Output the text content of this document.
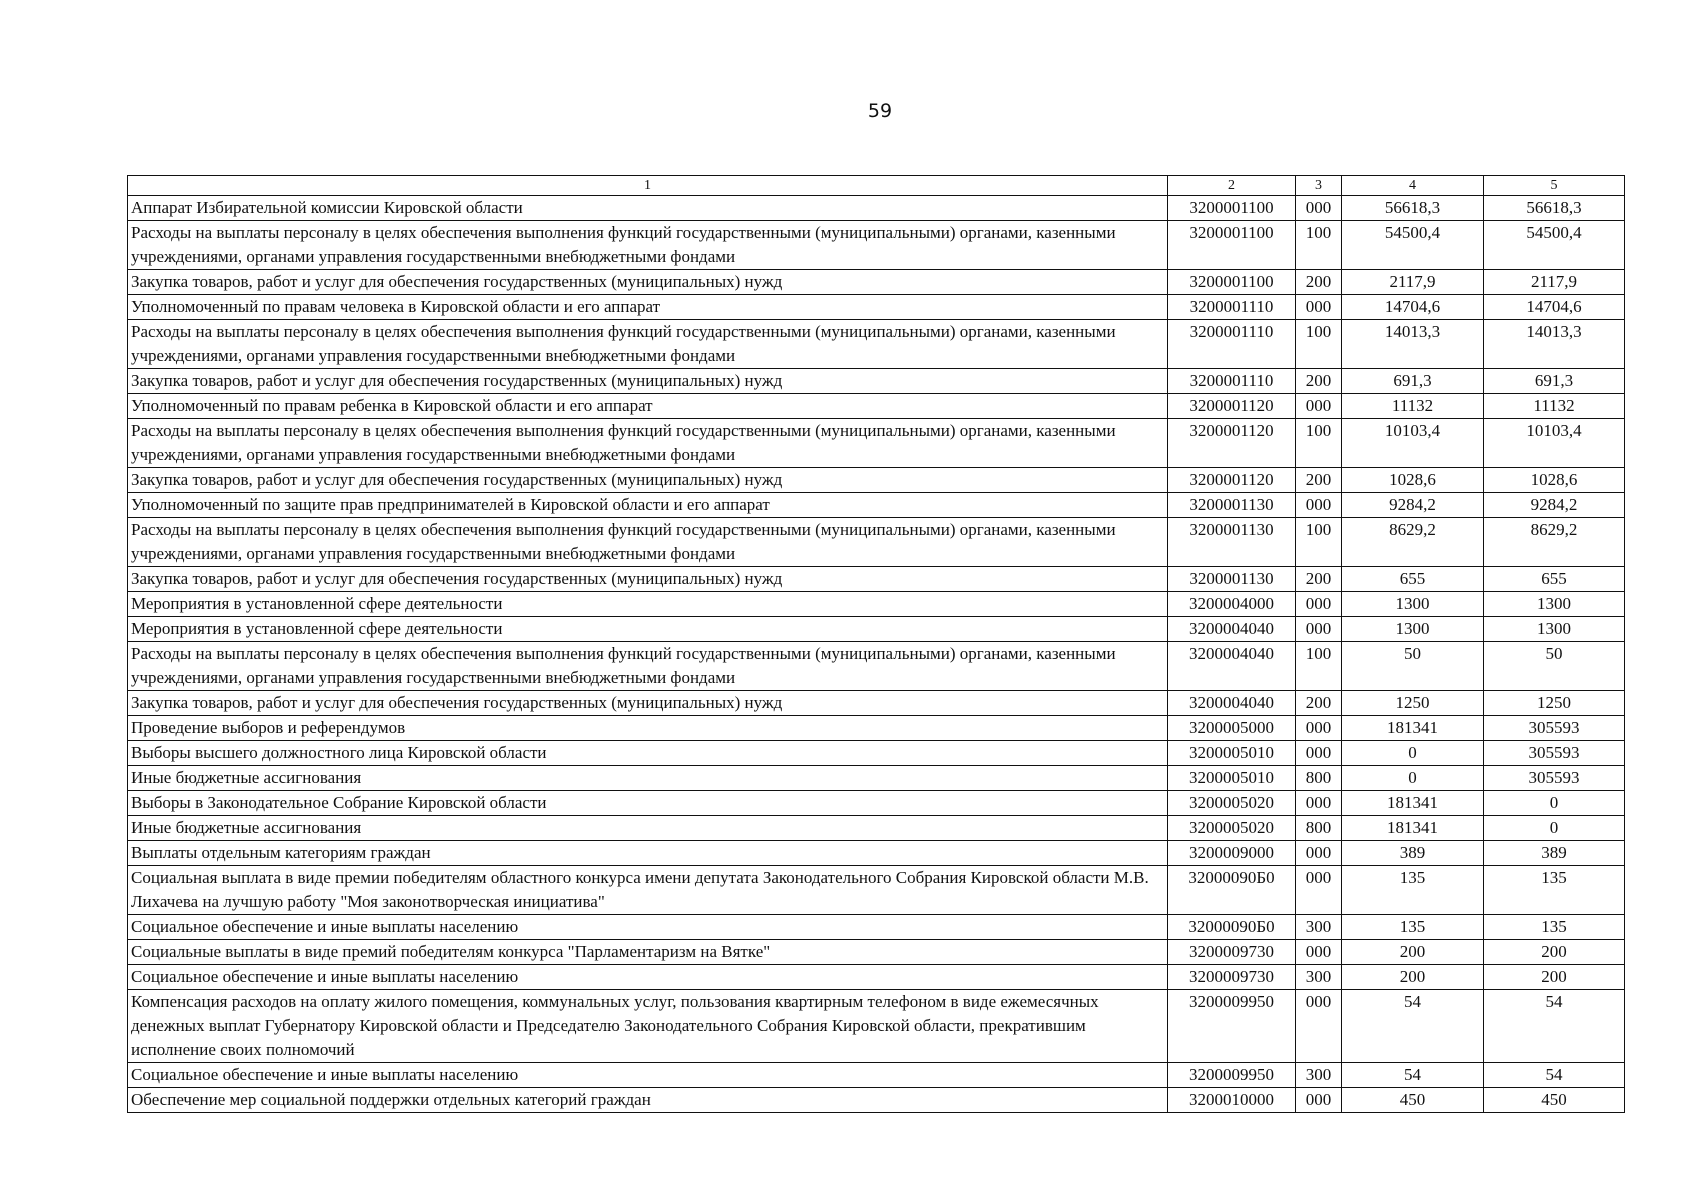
59
1	2	3	4	5
Аппарат Избирательной комиссии Кировской области	3200001100	000	56618,3	56618,3
Расходы на выплаты персоналу в целях обеспечения выполнения функций государственными (муниципальными) органами, казенными учреждениями, органами управления государственными внебюджетными фондами	3200001100	100	54500,4	54500,4
Закупка товаров, работ и услуг для обеспечения государственных (муниципальных) нужд	3200001100	200	2117,9	2117,9
Уполномоченный по правам человека в Кировской области и его аппарат	3200001110	000	14704,6	14704,6
Расходы на выплаты персоналу в целях обеспечения выполнения функций государственными (муниципальными) органами, казенными учреждениями, органами управления государственными внебюджетными фондами	3200001110	100	14013,3	14013,3
Закупка товаров, работ и услуг для обеспечения государственных (муниципальных) нужд	3200001110	200	691,3	691,3
Уполномоченный по правам ребенка в Кировской области и его аппарат	3200001120	000	11132	11132
Расходы на выплаты персоналу в целях обеспечения выполнения функций государственными (муниципальными) органами, казенными учреждениями, органами управления государственными внебюджетными фондами	3200001120	100	10103,4	10103,4
Закупка товаров, работ и услуг для обеспечения государственных (муниципальных) нужд	3200001120	200	1028,6	1028,6
Уполномоченный по защите прав предпринимателей в Кировской области и его аппарат	3200001130	000	9284,2	9284,2
Расходы на выплаты персоналу в целях обеспечения выполнения функций государственными (муниципальными) органами, казенными учреждениями, органами управления государственными внебюджетными фондами	3200001130	100	8629,2	8629,2
Закупка товаров, работ и услуг для обеспечения государственных (муниципальных) нужд	3200001130	200	655	655
Мероприятия в установленной сфере деятельности	3200004000	000	1300	1300
Мероприятия в установленной сфере деятельности	3200004040	000	1300	1300
Расходы на выплаты персоналу в целях обеспечения выполнения функций государственными (муниципальными) органами, казенными учреждениями, органами управления государственными внебюджетными фондами	3200004040	100	50	50
Закупка товаров, работ и услуг для обеспечения государственных (муниципальных) нужд	3200004040	200	1250	1250
Проведение выборов и референдумов	3200005000	000	181341	305593
Выборы высшего должностного лица Кировской области	3200005010	000	0	305593
Иные бюджетные ассигнования	3200005010	800	0	305593
Выборы в Законодательное Собрание Кировской области	3200005020	000	181341	0
Иные бюджетные ассигнования	3200005020	800	181341	0
Выплаты отдельным категориям граждан	3200009000	000	389	389
Социальная выплата в виде премии победителям областного конкурса имени депутата Законодательного Собрания Кировской области М.В. Лихачева на лучшую работу "Моя законотворческая инициатива"	32000090Б0	000	135	135
Социальное обеспечение и иные выплаты населению	32000090Б0	300	135	135
Социальные выплаты в виде премий победителям конкурса "Парламентаризм на Вятке"	3200009730	000	200	200
Социальное обеспечение и иные выплаты населению	3200009730	300	200	200
Компенсация расходов на оплату жилого помещения, коммунальных услуг, пользования квартирным телефоном в виде ежемесячных денежных выплат Губернатору Кировской области и Председателю Законодательного Собрания Кировской области, прекратившим исполнение своих полномочий	3200009950	000	54	54
Социальное обеспечение и иные выплаты населению	3200009950	300	54	54
Обеспечение мер социальной поддержки отдельных категорий граждан	3200010000	000	450	450
